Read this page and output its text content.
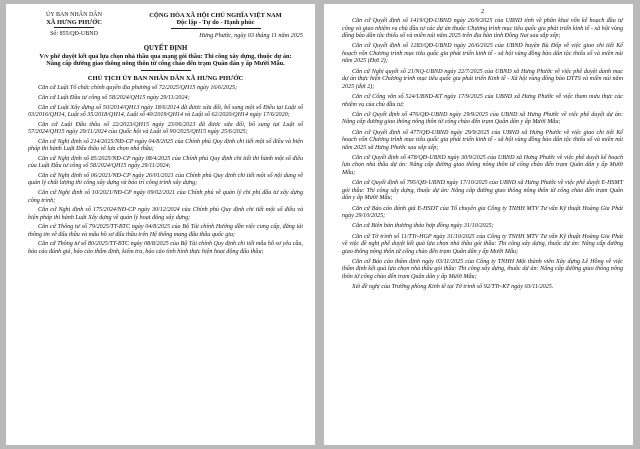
ỦY BAN NHÂN DÂN
XÃ HƯNG PHƯỚC
Số: 855/QĐ-UBND
CỘNG HÒA XÃ HỘI CHỦ NGHĨA VIỆT NAM
Độc lập - Tự do - Hạnh phúc
Hưng Phước, ngày 03 tháng 11 năm 2025
QUYẾT ĐỊNH
V/v phê duyệt kết quả lựa chọn nhà thầu qua mạng gói thầu: Thi công xây dựng, thuộc dự án: Nâng cấp đường giao thông nông thôn từ cổng chào đến trạm Quân dân y ấp Mười Mẫu.
CHỦ TỊCH ỦY BAN NHÂN DÂN XÃ HƯNG PHƯỚC

Căn cứ Luật Tổ chức chính quyền địa phương số 72/2025/QH15 ngày 16/6/2025;

Căn cứ Luật Đầu tư công số 58/2024/QH15 ngày 29/11/2024;

Căn cứ Luật Xây dựng số 50/2014/QH13 ngày 18/6/2014 đã được sửa đổi, bổ sung một số Điều tại Luật số 03/2016/QH14, Luật số 35/2018/QH14, Luật số 40/2019/QH14 và Luật số 62/2020/QH14 ngày 17/6/2020;

Căn cứ Luật Đấu thầu số 22/2023/QH15 ngày 23/06/2023 đã được sửa đổi, bổ sung tại Luật số 57/2024/QH15 ngày 29/11/2024 của Quốc hội và Luật số 90/2025/QH15 ngày 25/6/2025;

Căn cứ Nghị định số 214/2025/NĐ-CP ngày 04/8/2025 của Chính phủ Quy định chi tiết một số điều và biện pháp thi hành Luật Đấu thầu về lựa chọn nhà thầu;

Căn cứ Nghị định số 85/2025/NĐ-CP ngày 08/4/2025 của Chính phủ Quy định chi tiết thi hành một số điều của Luật Đầu tư công số 58/2024/QH15 ngày 29/11/2024;

Căn cứ Nghị định số 06/2021/NĐ-CP ngày 26/01/2021 của Chính phủ Quy định chi tiết một số nội dung về quản lý chất lượng thi công xây dựng và bảo trì công trình xây dựng;

Căn cứ Nghị định số 10/2021/NĐ-CP ngày 09/02/2021 của Chính phủ về quản lý chi phí đầu tư xây dựng công trình;

Căn cứ Nghị định số 175/2024/NĐ-CP ngày 30/12/2024 của Chính phủ Quy định chi tiết một số điều và biện pháp thi hành Luật Xây dựng về quản lý hoạt động xây dựng;

Căn cứ Thông tư số 79/2025/TT-BTC ngày 04/8/2025 của Bộ Tài chính Hướng dẫn việc cung cấp, đăng tải thông tin về đấu thầu và mẫu hồ sơ đấu thầu trên Hệ thống mạng đấu thầu quốc gia;

Căn cứ Thông tư số 80/2025/TT-BTC ngày 08/8/2025 của Bộ Tài chính Quy định chi tiết mẫu hồ sơ yêu cầu, báo cáo đánh giá, báo cáo thẩm định, kiểm tra, báo cáo tình hình thực hiện hoạt động đấu thầu;

2

Căn cứ Quyết định số 1419/QĐ-UBND ngày 26/9/2025 của UBND tỉnh về phân khai vốn kế hoạch đầu tư công và giao nhiệm vụ chủ đầu tư các dự án thuộc Chương trình mục tiêu quốc gia phát triển kinh tế - xã hội vùng đồng bào dân tộc thiểu số và miền núi năm 2025 trên địa bàn tỉnh Đồng Nai sau sắp xếp;

Căn cứ Quyết định số 1283/QĐ-UBND ngày 26/6/2025 của UBND huyện Bù Đốp về việc giao chi tiết Kế hoạch vốn Chương trình mục tiêu quốc gia phát triển kinh tế - xã hội vùng đồng bào dân tộc thiểu số và miền núi năm 2025 (Đợt 2);

Căn cứ Nghị quyết số 21/NQ-UBND ngày 22/7/2025 của UBND xã Hưng Phước về việc phê duyệt danh mục dự án thực hiện Chương trình mục tiêu quốc gia phát triển Kinh tế - Xã hội vùng đồng bào DTTS và miền núi năm 2025 (đợt 2);

Căn cứ Công văn số 524/UBND-KT ngày 17/9/2025 của UBND xã Hưng Phước về việc tham mưu thực các nhiệm vụ của chủ đầu tư;

Căn cứ Quyết định số 476/QĐ-UBND ngày 29/9/2025 của UBND xã Hưng Phước về việc phê duyệt dự án: Nâng cấp đường giao thông nông thôn từ cổng chào đến trạm Quân dân y ấp Mười Mẫu;

Căn cứ Quyết định số 477/QĐ-UBND ngày 29/9/2025 của UBND xã Hưng Phước về việc giao chi tiết Kế hoạch vốn Chương trình mục tiêu quốc gia phát triển kinh tế - xã hội vùng đồng bào dân tộc thiểu số và miền núi năm 2025 xã Hưng Phước sau sắp xếp;

Căn cứ Quyết định số 478/QĐ-UBND ngày 30/9/2025 của UBND xã Hưng Phước về việc phê duyệt kế hoạch lựa chọn nhà thầu dự án: Nâng cấp đường giao thông nông thôn từ cổng chào đến trạm Quân dân y ấp Mười Mẫu;

Căn cứ Quyết định số 795/QĐ-UBND ngày 17/10/2025 của UBND xã Hưng Phước về việc phê duyệt E-HSMT gói thầu: Thi công xây dựng, thuộc dự án: Nâng cấp đường giao thông nông thôn từ cổng chào đến trạm Quân dân y ấp Mười Mẫu;

Căn cứ Báo cáo đánh giá E-HSDT của Tổ chuyên gia Công ty TNHH MTV Tư vấn Kỹ thuật Hoàng Gia Phát ngày 29/10/2025;

Căn cứ Biên bản thương thảo hợp đồng ngày 31/10/2025;

Căn cứ Tờ trình số 11/TTr-HGP ngày 31/10/2025 của Công ty TNHH MTV Tư vấn Kỹ thuật Hoàng Gia Phát về việc đề nghị phê duyệt kết quả lựa chọn nhà thầu gói thầu: Thi công xây dựng, thuộc dự án: Nâng cấp đường giao thông nông thôn từ cổng chào đến trạm Quân dân y ấp Mười Mẫu;

Căn cứ Báo cáo thẩm định ngày 03/11/2025 của Công ty TNHH Một thành viên Xây dựng Lê Hồng về việc thẩm định kết quả lựa chọn nhà thầu gói thầu: Thi công xây dựng, thuộc dự án: Nâng cấp đường giao thông nông thôn từ cổng chào đến trạm Quân dân y ấp Mười Mẫu;

Xét đề nghị của Trưởng phòng Kinh tế tại Tờ trình số 92/TTr-KT ngày 03/11/2025.
